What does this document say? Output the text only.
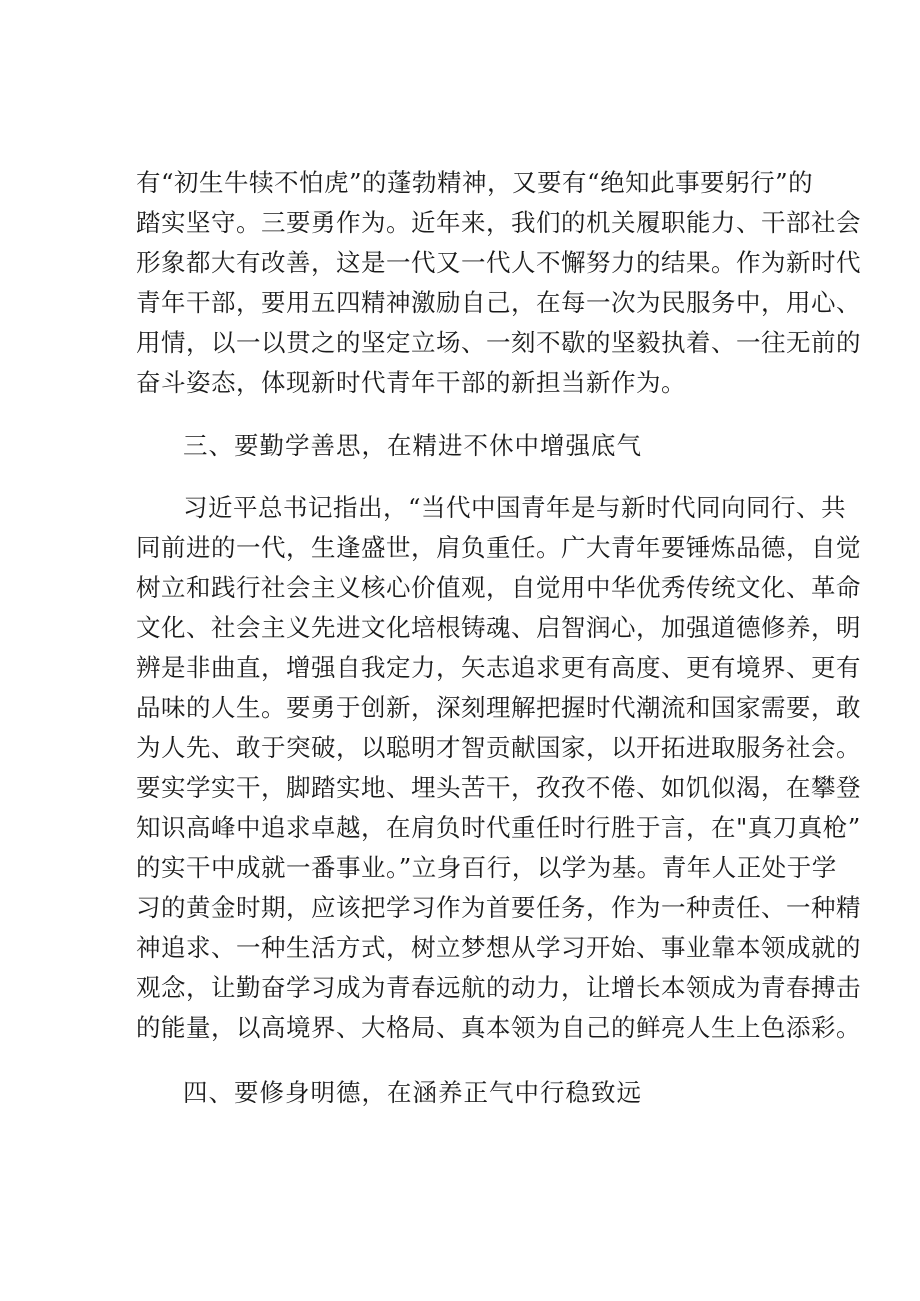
有“初生牛犊不怕虎”的蓬勃精神，又要有“绝知此事要躬行”的
踏实坚守。三要勇作为。近年来，我们的机关履职能力、干部社会
形象都大有改善，这是一代又一代人不懈努力的结果。作为新时代
青年干部，要用五四精神激励自己，在每一次为民服务中，用心、
用情，以一以贯之的坚定立场、一刻不歇的坚毅执着、一往无前的
奋斗姿态，体现新时代青年干部的新担当新作为。
三、要勤学善思，在精进不休中增强底气
习近平总书记指出，“当代中国青年是与新时代同向同行、共
同前进的一代，生逢盛世，肩负重任。广大青年要锤炼品德，自觉
树立和践行社会主义核心价值观，自觉用中华优秀传统文化、革命
文化、社会主义先进文化培根铸魂、启智润心，加强道德修养，明
辨是非曲直，增强自我定力，矢志追求更有高度、更有境界、更有
品味的人生。要勇于创新，深刻理解把握时代潮流和国家需要，敢
为人先、敢于突破，以聪明才智贡献国家，以开拓进取服务社会。
要实学实干，脚踏实地、埋头苦干，孜孜不倦、如饥似渴，在攀登
知识高峰中追求卓越，在肩负时代重任时行胜于言，在"真刀真枪”
的实干中成就一番事业。”立身百行，以学为基。青年人正处于学
习的黄金时期，应该把学习作为首要任务，作为一种责任、一种精
神追求、一种生活方式，树立梦想从学习开始、事业靠本领成就的
观念，让勤奋学习成为青春远航的动力，让增长本领成为青春搏击
的能量，以高境界、大格局、真本领为自己的鲜亮人生上色添彩。
四、要修身明德，在涵养正气中行稳致远
